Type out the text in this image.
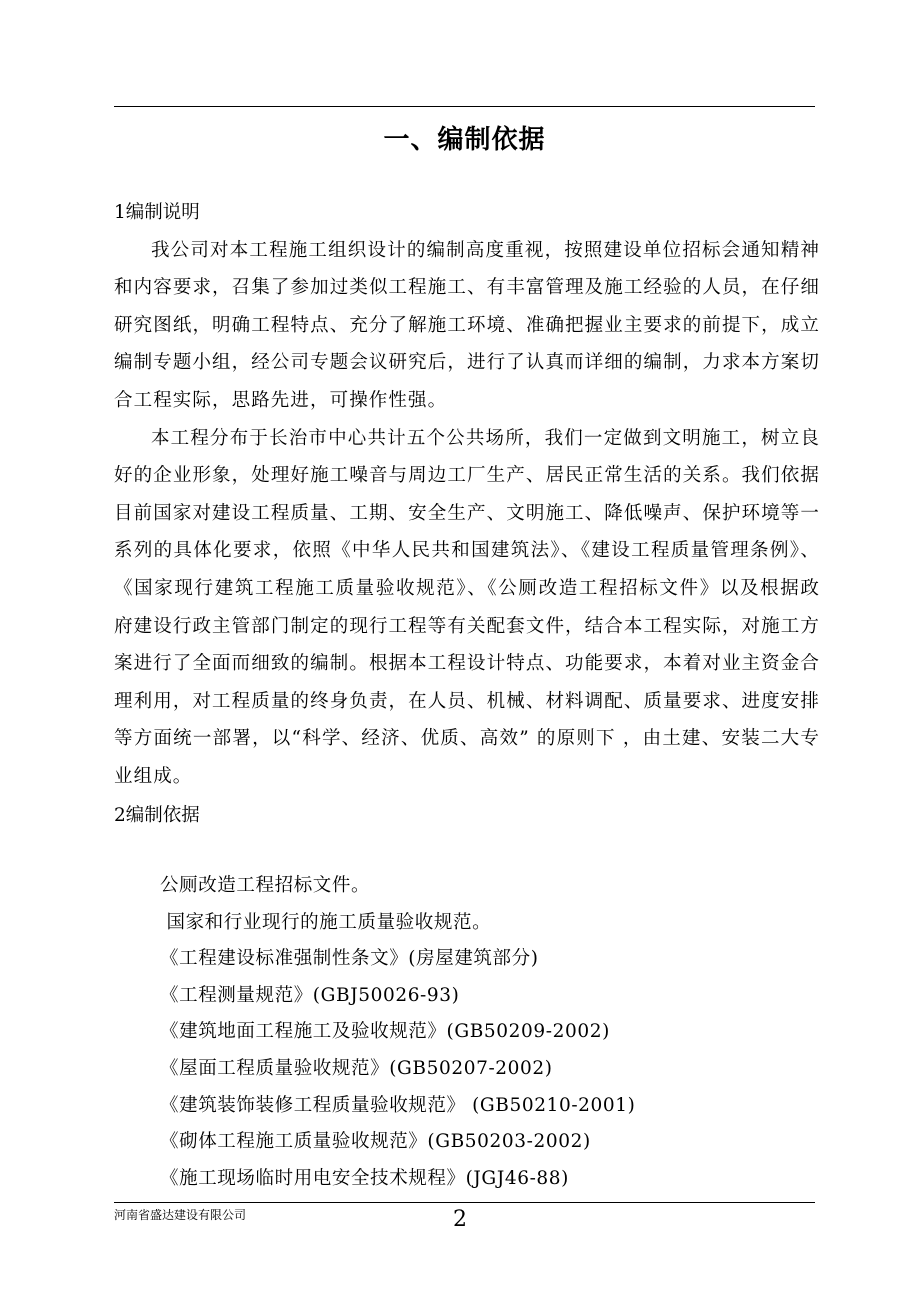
一、编制依据

1编制说明

我公司对本工程施工组织设计的编制高度重视，按照建设单位招标会通知精神和内容要求，召集了参加过类似工程施工、有丰富管理及施工经验的人员，在仔细研究图纸，明确工程特点、充分了解施工环境、准确把握业主要求的前提下，成立编制专题小组，经公司专题会议研究后，进行了认真而详细的编制，力求本方案切合工程实际，思路先进，可操作性强。

本工程分布于长治市中心共计五个公共场所，我们一定做到文明施工，树立良好的企业形象，处理好施工噪音与周边工厂生产、居民正常生活的关系。我们依据目前国家对建设工程质量、工期、安全生产、文明施工、降低噪声、保护环境等一系列的具体化要求，依照《中华人民共和国建筑法》、《建设工程质量管理条例》、《国家现行建筑工程施工质量验收规范》、《公厕改造工程招标文件》以及根据政府建设行政主管部门制定的现行工程等有关配套文件，结合本工程实际，对施工方案进行了全面而细致的编制。根据本工程设计特点、功能要求，本着对业主资金合理利用，对工程质量的终身负责，在人员、机械、材料调配、质量要求、进度安排等方面统一部署，以“科学、经济、优质、高效” 的原则下 ，由土建、安装二大专业组成。

2编制依据
公厕改造工程招标文件。
国家和行业现行的施工质量验收规范。
《工程建设标准强制性条文》(房屋建筑部分)
《工程测量规范》(GBJ50026-93)
《建筑地面工程施工及验收规范》(GB50209-2002)
《屋面工程质量验收规范》(GB50207-2002)
《建筑装饰装修工程质量验收规范》 (GB50210-2001)
《砌体工程施工质量验收规范》(GB50203-2002)
《施工现场临时用电安全技术规程》(JGJ46-88)
河南省盛达建设有限公司	2
